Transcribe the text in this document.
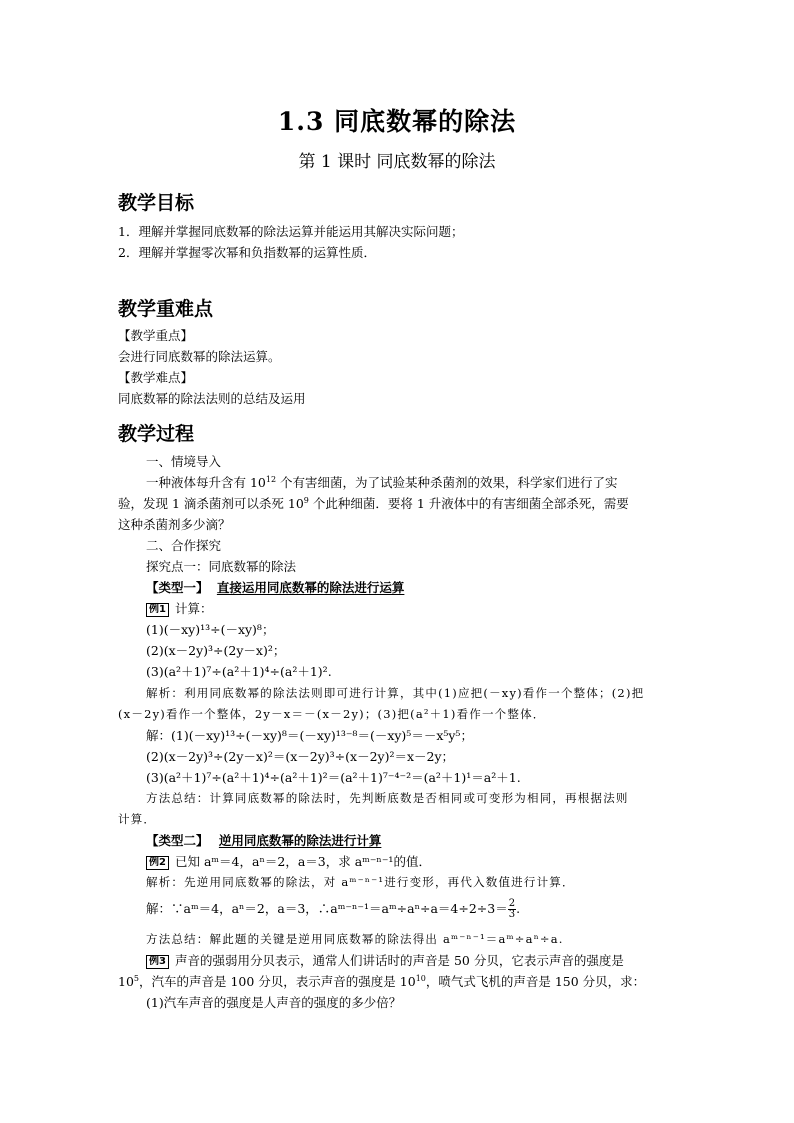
1.3 同底数幂的除法
第 1 课时 同底数幂的除法
教学目标
1．理解并掌握同底数幂的除法运算并能运用其解决实际问题；
2．理解并掌握零次幂和负指数幂的运算性质．
教学重难点
【教学重点】
会进行同底数幂的除法运算。
【教学难点】
同底数幂的除法法则的总结及运用
教学过程
一、情境导入
一种液体每升含有 $10^{12}$ 个有害细菌，为了试验某种杀菌剂的效果，科学家们进行了实
验，发现 1 滴杀菌剂可以杀死 $10^9$ 个此种细菌．要将 1 升液体中的有害细菌全部杀死，需要
这种杀菌剂多少滴？
二、合作探究
探究点一：同底数幂的除法
【类型一】 直接运用同底数幂的除法进行运算
例1 计算：
(1)(－xy)¹³÷(－xy)⁸；
(2)(x－2y)³÷(2y－x)²；
(3)(a²＋1)⁷÷(a²＋1)⁴÷(a²＋1)².
解析：利用同底数幂的除法法则即可进行计算，其中(1)应把(－xy)看作一个整体；(2)把
(x－2y)看作一个整体，2y－x＝－(x－2y)；(3)把(a²＋1)看作一个整体．
解：(1)(－xy)¹³÷(－xy)⁸＝(－xy)¹³⁻⁸＝(－xy)⁵＝－x⁵y⁵；
(2)(x－2y)³÷(2y－x)²＝(x－2y)³÷(x－2y)²＝x－2y；
(3)(a²＋1)⁷÷(a²＋1)⁴÷(a²＋1)²＝(a²＋1)⁷⁻⁴⁻²＝(a²＋1)¹＝a²＋1.
方法总结：计算同底数幂的除法时，先判断底数是否相同或可变形为相同，再根据法则
计算．
【类型二】 逆用同底数幂的除法进行计算
例2 已知 aᵐ＝4，aⁿ＝2，a＝3，求 aᵐ⁻ⁿ⁻¹的值．
解析：先逆用同底数幂的除法，对 aᵐ⁻ⁿ⁻¹进行变形，再代入数值进行计算．
解：∵aᵐ＝4，aⁿ＝2，a＝3，∴aᵐ⁻ⁿ⁻¹＝aᵐ÷aⁿ÷a＝4÷2÷3＝ $\frac{2}{3}$ .
方法总结：解此题的关键是逆用同底数幂的除法得出 aᵐ⁻ⁿ⁻¹＝aᵐ÷aⁿ÷a.
例3 声音的强弱用分贝表示，通常人们讲话时的声音是 50 分贝，它表示声音的强度是
$10^5$，汽车的声音是 100 分贝，表示声音的强度是 $10^{10}$，喷气式飞机的声音是 150 分贝，求：
(1)汽车声音的强度是人声音的强度的多少倍？
